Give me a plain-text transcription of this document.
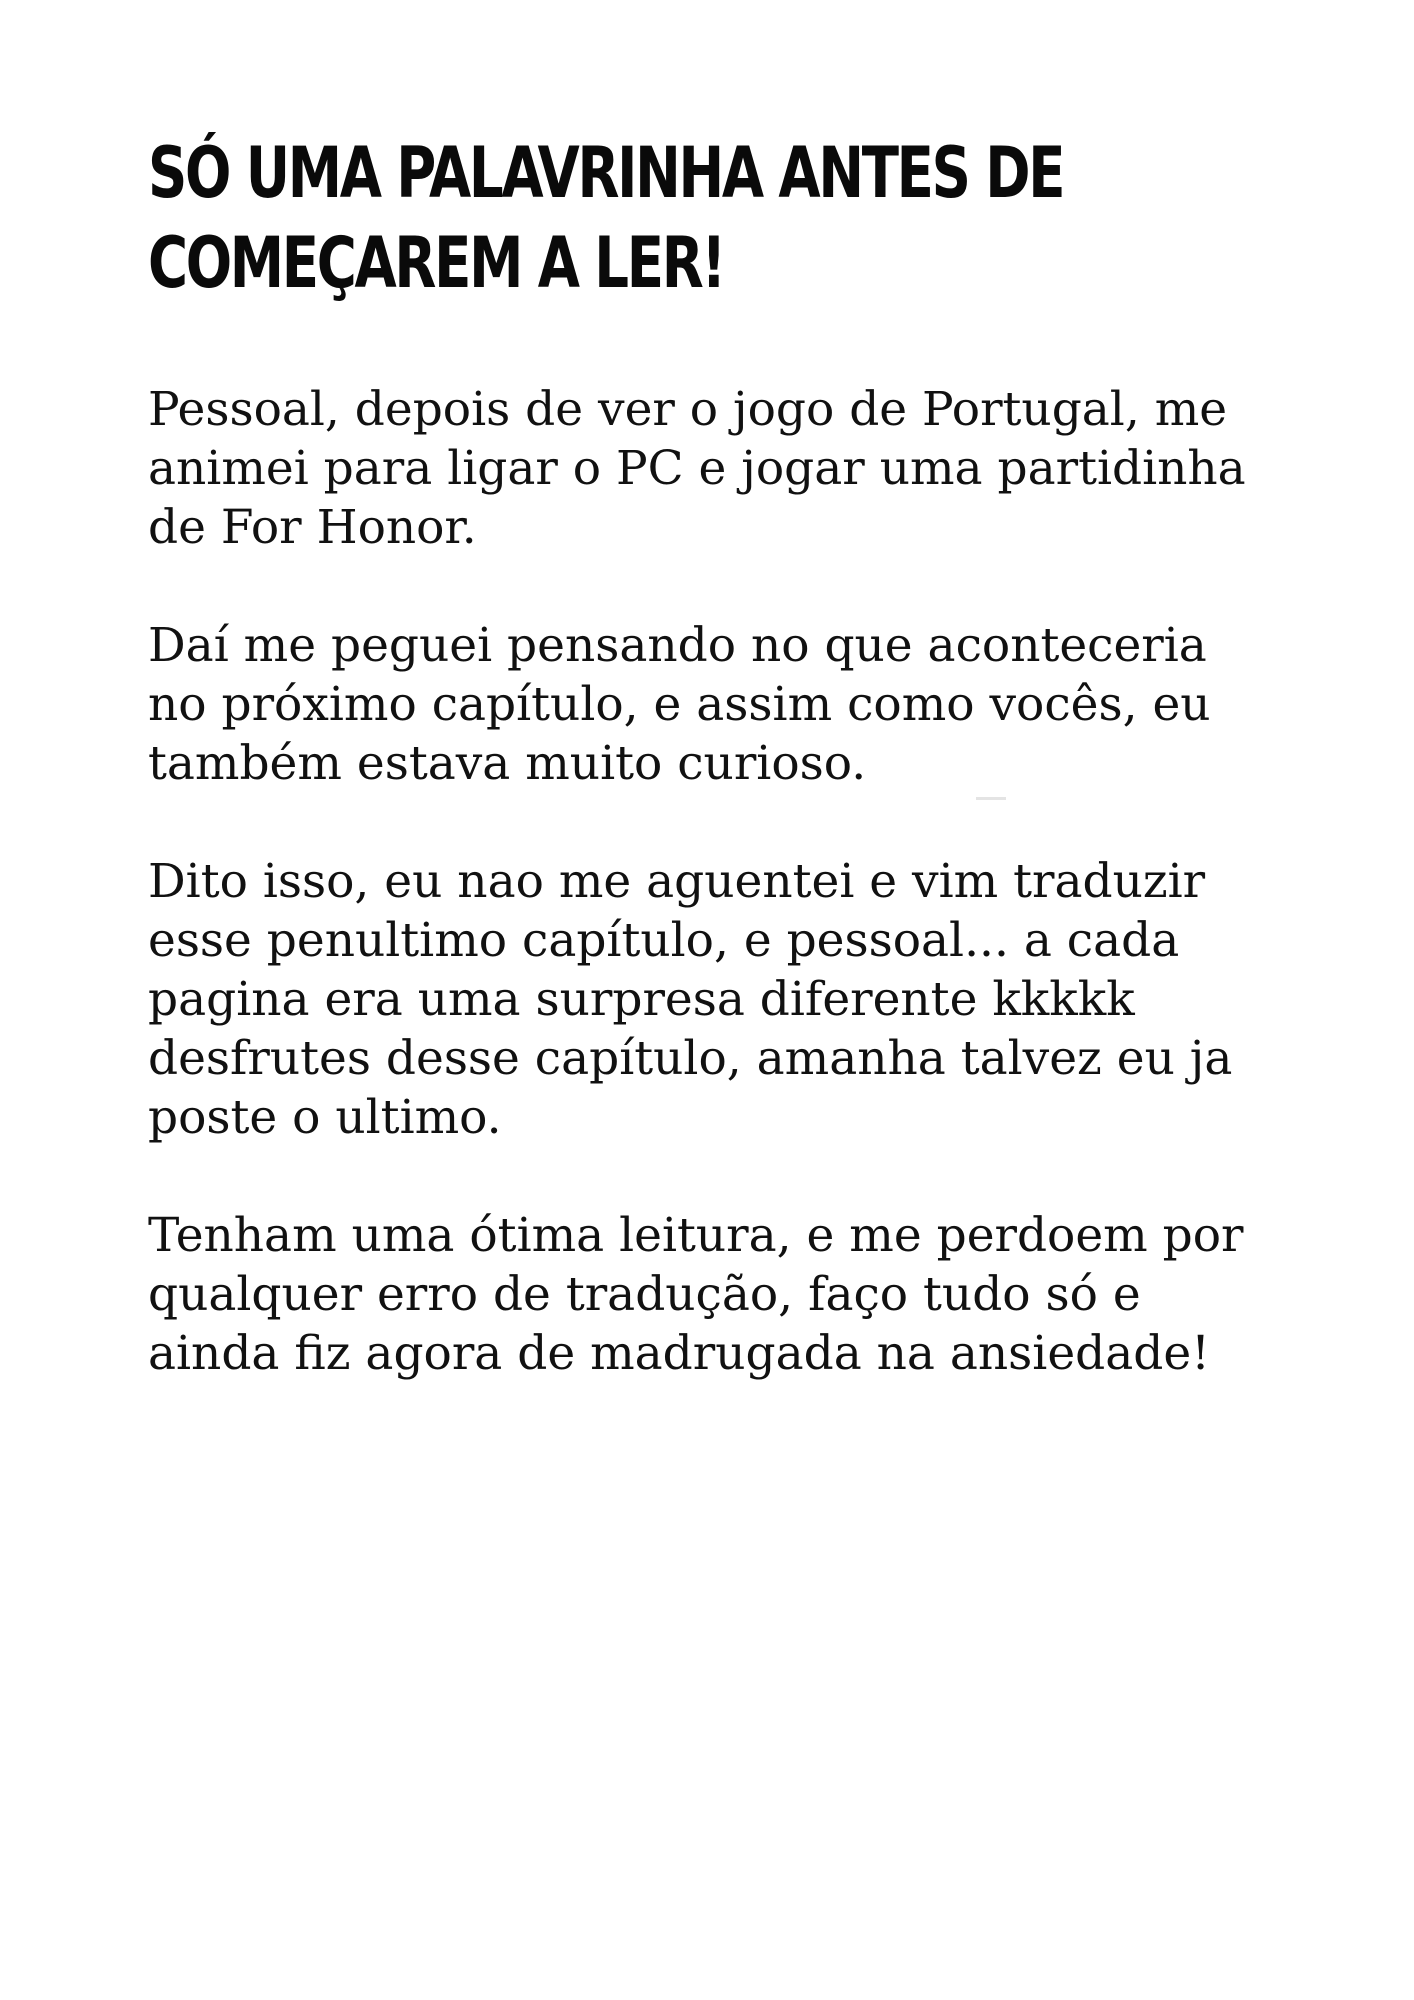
SÓ UMA PALAVRINHA ANTES DE
COMEÇAREM A LER!

Pessoal, depois de ver o jogo de Portugal, me
animei para ligar o PC e jogar uma partidinha
de For Honor.

Daí me peguei pensando no que aconteceria
no próximo capítulo, e assim como vocês, eu
também estava muito curioso.

Dito isso, eu nao me aguentei e vim traduzir
esse penultimo capítulo, e pessoal... a cada
pagina era uma surpresa diferente kkkkk
desfrutes desse capítulo, amanha talvez eu ja
poste o ultimo.

Tenham uma ótima leitura, e me perdoem por
qualquer erro de tradução, faço tudo só e
ainda fiz agora de madrugada na ansiedade!
